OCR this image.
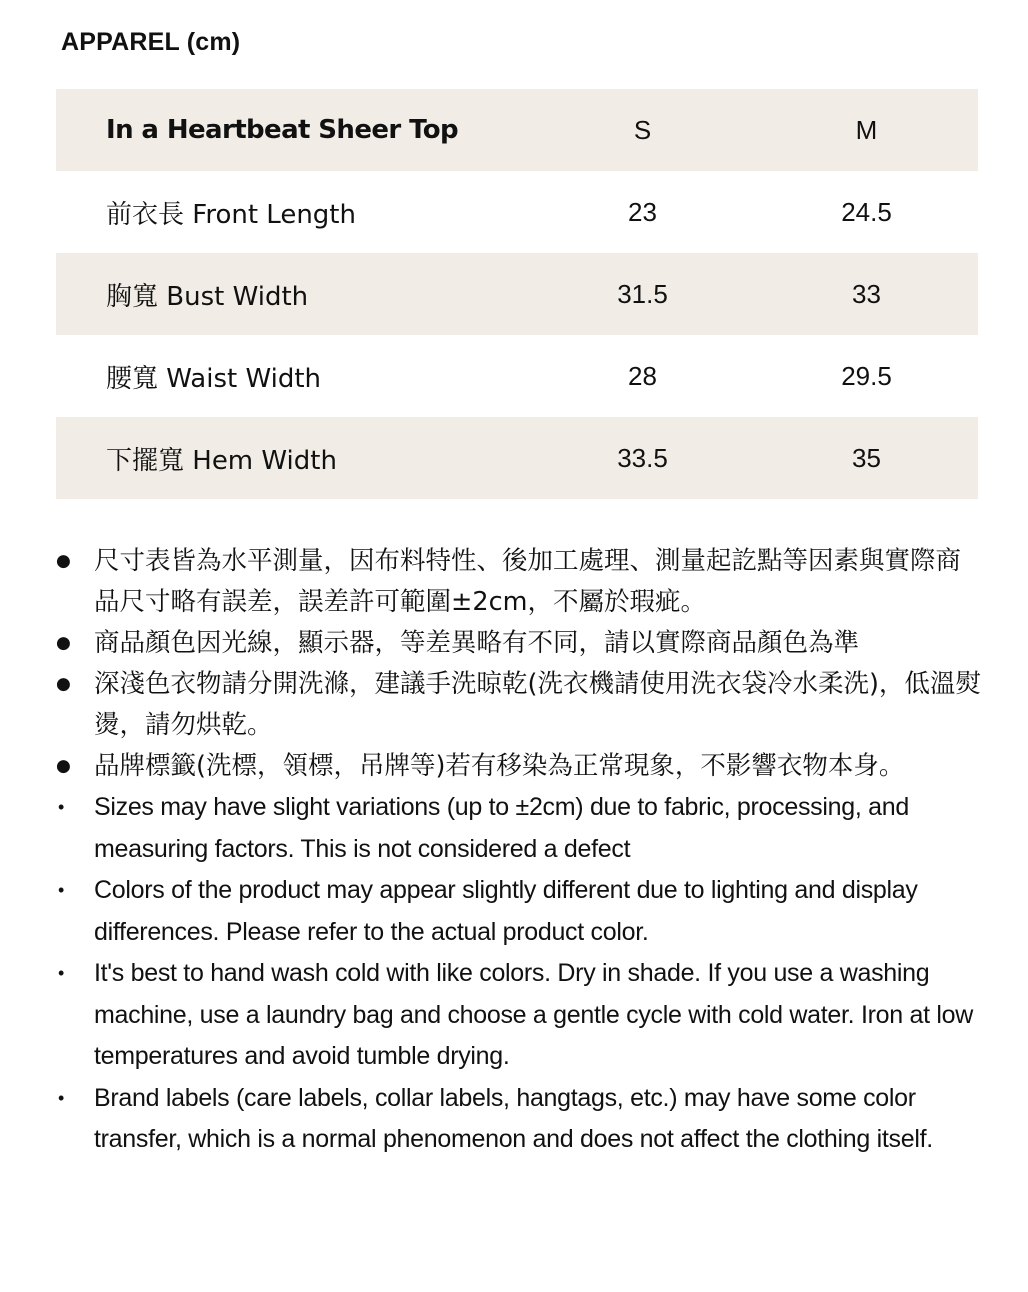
APPAREL (cm)
In a Heartbeat Sheer Top	S	M
前衣長 Front Length	23	24.5
胸寬 Bust Width	31.5	33
腰寬 Waist Width	28	29.5
下擺寬 Hem Width	33.5	35
● 尺寸表皆為水平測量，因布料特性、後加工處理、測量起訖點等因素與實際商品尺寸略有誤差，誤差許可範圍±2cm，不屬於瑕疵。
● 商品顏色因光線，顯示器，等差異略有不同，請以實際商品顏色為準
● 深淺色衣物請分開洗滌，建議手洗晾乾(洗衣機請使用洗衣袋冷水柔洗)，低溫熨燙，請勿烘乾。
● 品牌標籤(洗標，領標，吊牌等)若有移染為正常現象，不影響衣物本身。
• Sizes may have slight variations (up to ±2cm) due to fabric, processing, and measuring factors. This is not considered a defect
• Colors of the product may appear slightly different due to lighting and display differences. Please refer to the actual product color.
• It's best to hand wash cold with like colors. Dry in shade. If you use a washing machine, use a laundry bag and choose a gentle cycle with cold water. Iron at low temperatures and avoid tumble drying.
• Brand labels (care labels, collar labels, hangtags, etc.) may have some color transfer, which is a normal phenomenon and does not affect the clothing itself.
